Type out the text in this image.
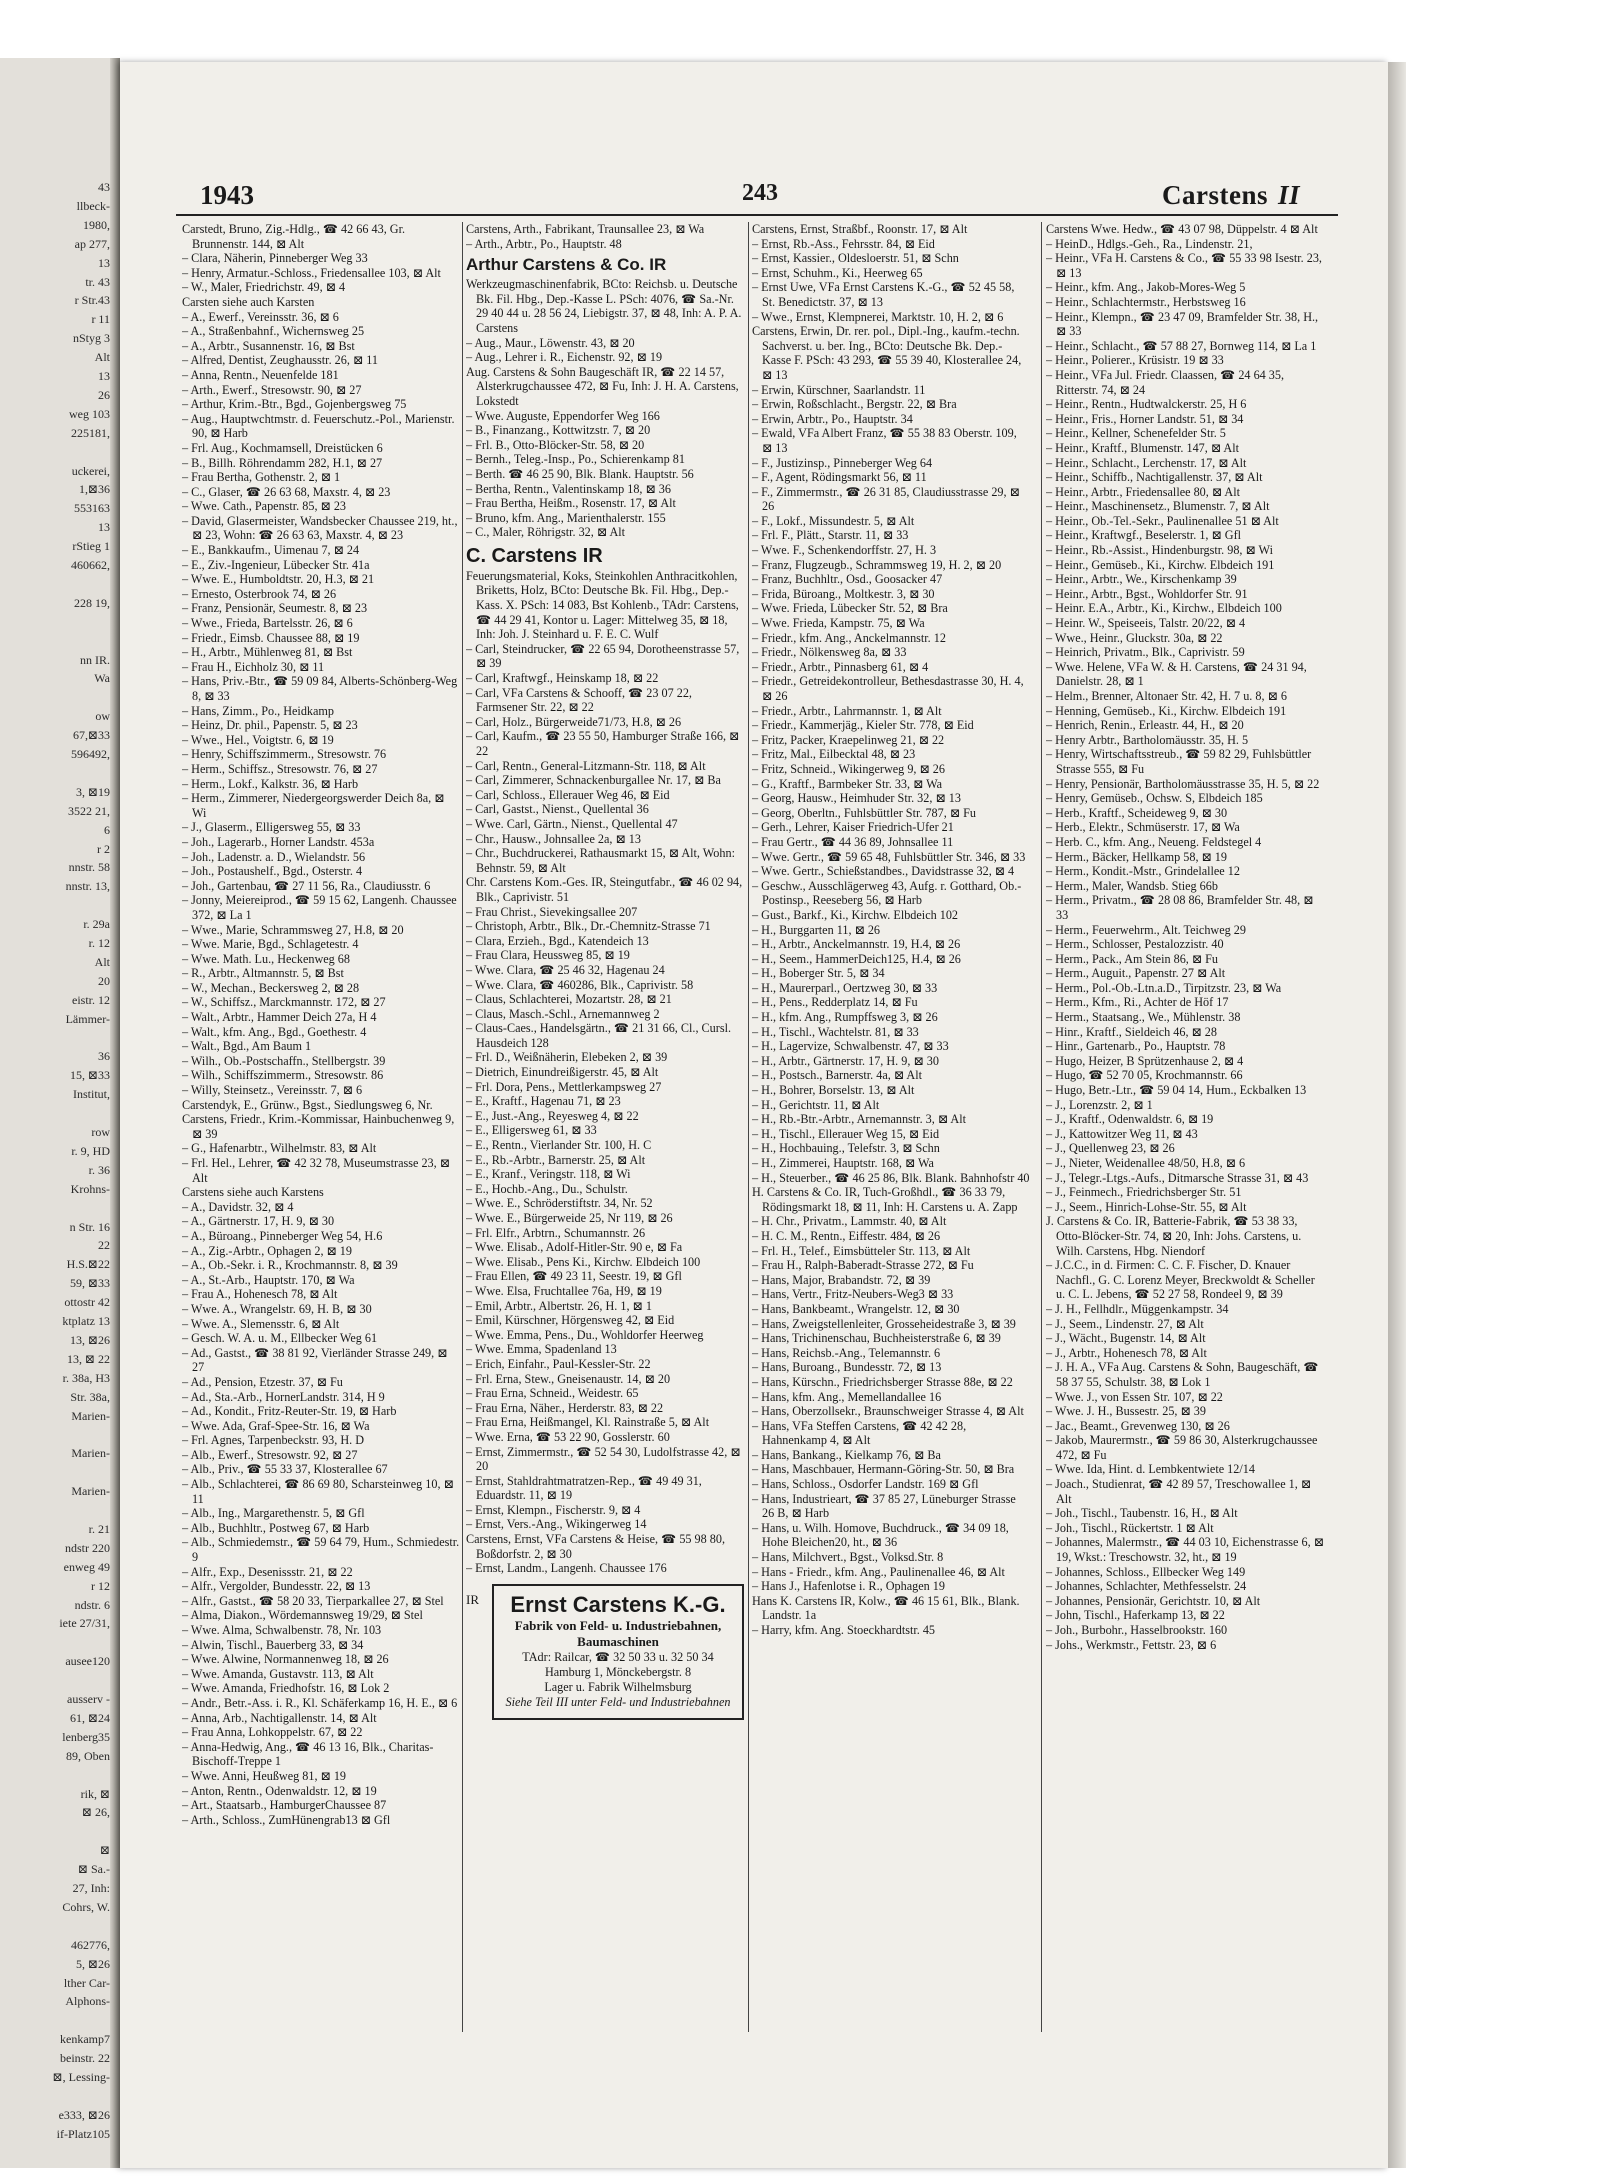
43
llbeck-
1980,
ap 277,
13
tr. 43
r Str.43
r 11
nStyg 3
Alt
13
26
weg 103
225181,
uckerei,
1,⊠36
553163
13
rStieg 1
460662,
228 19,
nn IR.
Wa
ow
67,⊠33
596492,
3, ⊠19
3522 21,
6
r 2
nnstr. 58
nnstr. 13,
r. 29a
r. 12
Alt
20
eistr. 12
Lämmer-
36
15, ⊠33
Institut,
row
r. 9, HD
r. 36
Krohns-
n Str. 16
22
H.S.⊠22
59, ⊠33
ottostr 42
ktplatz 13
13, ⊠26
13, ⊠ 22
r. 38a, H3
Str. 38a,
Marien-
Marien-
Marien-
r. 21
ndstr 220
enweg 49
r 12
ndstr. 6
iete 27/31,
ausee120
ausserv -
61, ⊠24
lenberg35
89, Oben
rik, ⊠
⊠ 26,
⊠
⊠ Sa.-
27, Inh:
Cohrs, W.
462776,
5, ⊠26
lther Car-
Alphons-
kenkamp7
beinstr. 22
⊠, Lessing-
e333, ⊠26
if-Platz105
1943	243	Carstens II
Carstedt, Bruno, Zig.-Hdlg., ☎ 42 66 43, Gr. Brunnenstr. 144, ⊠ Alt
– Clara, Näherin, Pinneberger Weg 33
– Henry, Armatur.-Schloss., Friedensallee 103, ⊠ Alt
– W., Maler, Friedrichstr. 49, ⊠ 4
Carsten siehe auch Karsten
– A., Ewerf., Vereinsstr. 36, ⊠ 6
– A., Straßenbahnf., Wichernsweg 25
– A., Arbtr., Susannenstr. 16, ⊠ Bst
– Alfred, Dentist, Zeughausstr. 26, ⊠ 11
– Anna, Rentn., Neuenfelde 181
– Arth., Ewerf., Stresowstr. 90, ⊠ 27
– Arthur, Krim.-Btr., Bgd., Gojenbergsweg 75
– Aug., Hauptwchtmstr. d. Feuerschutz.-Pol., Marienstr. 90, ⊠ Harb
– Frl. Aug., Kochmamsell, Dreistücken 6
– B., Billh. Röhrendamm 282, H.1, ⊠ 27
– Frau Bertha, Gothenstr. 2, ⊠ 1
– C., Glaser, ☎ 26 63 68, Maxstr. 4, ⊠ 23
– Wwe. Cath., Papenstr. 85, ⊠ 23
– David, Glasermeister, Wandsbecker Chaussee 219, ht., ⊠ 23, Wohn: ☎ 26 63 63, Maxstr. 4, ⊠ 23
– E., Bankkaufm., Uimenau 7, ⊠ 24
– E., Ziv.-Ingenieur, Lübecker Str. 41a
– Wwe. E., Humboldtstr. 20, H.3, ⊠ 21
– Ernesto, Osterbrook 74, ⊠ 26
– Franz, Pensionär, Seumestr. 8, ⊠ 23
– Wwe., Frieda, Bartelsstr. 26, ⊠ 6
– Friedr., Eimsb. Chaussee 88, ⊠ 19
– H., Arbtr., Mühlenweg 81, ⊠ Bst
– Frau H., Eichholz 30, ⊠ 11
– Hans, Priv.-Btr., ☎ 59 09 84, Alberts-Schönberg-Weg 8, ⊠ 33
– Hans, Zimm., Po., Heidkamp
– Heinz, Dr. phil., Papenstr. 5, ⊠ 23
– Wwe., Hel., Voigtstr. 6, ⊠ 19
– Henry, Schiffszimmerm., Stresowstr. 76
– Herm., Schiffsz., Stresowstr. 76, ⊠ 27
– Herm., Lokf., Kalkstr. 36, ⊠ Harb
– Herm., Zimmerer, Niedergeorgswerder Deich 8a, ⊠ Wi
– J., Glaserm., Elligersweg 55, ⊠ 33
– Joh., Lagerarb., Horner Landstr. 453a
– Joh., Ladenstr. a. D., Wielandstr. 56
– Joh., Postaushelf., Bgd., Osterstr. 4
– Joh., Gartenbau, ☎ 27 11 56, Ra., Claudiusstr. 6
– Jonny, Meiereiprod., ☎ 59 15 62, Langenh. Chaussee 372, ⊠ La 1
– Wwe., Marie, Schrammsweg 27, H.8, ⊠ 20
– Wwe. Marie, Bgd., Schlagetestr. 4
– Wwe. Math. Lu., Heckenweg 68
– R., Arbtr., Altmannstr. 5, ⊠ Bst
– W., Mechan., Beckersweg 2, ⊠ 28
– W., Schiffsz., Marckmannstr. 172, ⊠ 27
– Walt., Arbtr., Hammer Deich 27a, H 4
– Walt., kfm. Ang., Bgd., Goethestr. 4
– Walt., Bgd., Am Baum 1
– Wilh., Ob.-Postschaffn., Stellbergstr. 39
– Wilh., Schiffszimmerm., Stresowstr. 86
– Willy, Steinsetz., Vereinsstr. 7, ⊠ 6
Carstendyk, E., Grünw., Bgst., Siedlungsweg 6, Nr.
Carstens, Friedr., Krim.-Kommissar, Hainbuchenweg 9, ⊠ 39
– G., Hafenarbtr., Wilhelmstr. 83, ⊠ Alt
– Frl. Hel., Lehrer, ☎ 42 32 78, Museumstrasse 23, ⊠ Alt
Carstens siehe auch Karstens
– A., Davidstr. 32, ⊠ 4
– A., Gärtnerstr. 17, H. 9, ⊠ 30
– A., Büroang., Pinneberger Weg 54, H.6
– A., Zig.-Arbtr., Ophagen 2, ⊠ 19
– A., Ob.-Sekr. i. R., Krochmannstr. 8, ⊠ 39
– A., St.-Arb., Hauptstr. 170, ⊠ Wa
– Frau A., Hohenesch 78, ⊠ Alt
– Wwe. A., Wrangelstr. 69, H. B, ⊠ 30
– Wwe. A., Slemensstr. 6, ⊠ Alt
– Gesch. W. A. u. M., Ellbecker Weg 61
– Ad., Gastst., ☎ 38 81 92, Vierländer Strasse 249, ⊠ 27
– Ad., Pension, Etzestr. 37, ⊠ Fu
– Ad., Sta.-Arb., HornerLandstr. 314, H 9
– Ad., Kondit., Fritz-Reuter-Str. 19, ⊠ Harb
– Wwe. Ada, Graf-Spee-Str. 16, ⊠ Wa
– Frl. Agnes, Tarpenbeckstr. 93, H. D
– Alb., Ewerf., Stresowstr. 92, ⊠ 27
– Alb., Priv., ☎ 55 33 37, Klosterallee 67
– Alb., Schlachterei, ☎ 86 69 80, Scharsteinweg 10, ⊠ 11
– Alb., Ing., Margarethenstr. 5, ⊠ Gfl
– Alb., Buchhltr., Postweg 67, ⊠ Harb
– Alb., Schmiedemstr., ☎ 59 64 79, Hum., Schmiedestr. 9
– Alfr., Exp., Desenissstr. 21, ⊠ 22
– Alfr., Vergolder, Bundesstr. 22, ⊠ 13
– Alfr., Gastst., ☎ 58 20 33, Tierparkallee 27, ⊠ Stel
– Alma, Diakon., Wördemannsweg 19/29, ⊠ Stel
– Wwe. Alma, Schwalbenstr. 78, Nr. 103
– Alwin, Tischl., Bauerberg 33, ⊠ 34
– Wwe. Alwine, Normannenweg 18, ⊠ 26
– Wwe. Amanda, Gustavstr. 113, ⊠ Alt
– Wwe. Amanda, Friedhofstr. 16, ⊠ Lok 2
– Andr., Betr.-Ass. i. R., Kl. Schäferkamp 16, H. E., ⊠ 6
– Anna, Arb., Nachtigallenstr. 14, ⊠ Alt
– Frau Anna, Lohkoppelstr. 67, ⊠ 22
– Anna-Hedwig, Ang., ☎ 46 13 16, Blk., Charitas-Bischoff-Treppe 1
– Wwe. Anni, Heußweg 81, ⊠ 19
– Anton, Rentn., Odenwaldstr. 12, ⊠ 19
– Art., Staatsarb., HamburgerChaussee 87
– Arth., Schloss., ZumHünengrab13 ⊠ Gfl
Carstens, Arth., Fabrikant, Traunsallee 23, ⊠ Wa
– Arth., Arbtr., Po., Hauptstr. 48
Arthur Carstens & Co. IR
Werkzeugmaschinenfabrik, BCto: Reichsb. u. Deutsche Bk. Fil. Hbg., Dep.-Kasse L. PSch: 4076, ☎ Sa.-Nr. 29 40 44 u. 28 56 24, Liebigstr. 37, ⊠ 48, Inh: A. P. A. Carstens
– Aug., Maur., Löwenstr. 43, ⊠ 20
– Aug., Lehrer i. R., Eichenstr. 92, ⊠ 19
Aug. Carstens & Sohn Baugeschäft IR, ☎ 22 14 57, Alsterkrugchaussee 472, ⊠ Fu, Inh: J. H. A. Carstens, Lokstedt
– Wwe. Auguste, Eppendorfer Weg 166
– B., Finanzang., Kottwitzstr. 7, ⊠ 20
– Frl. B., Otto-Blöcker-Str. 58, ⊠ 20
– Bernh., Teleg.-Insp., Po., Schierenkamp 81
– Berth. ☎ 46 25 90, Blk. Blank. Hauptstr. 56
– Bertha, Rentn., Valentinskamp 18, ⊠ 36
– Frau Bertha, Heißm., Rosenstr. 17, ⊠ Alt
– Bruno, kfm. Ang., Marienthalerstr. 155
– C., Maler, Röhrigstr. 32, ⊠ Alt
C. Carstens IR
Feuerungsmaterial, Koks, Steinkohlen Anthracitkohlen, Briketts, Holz, BCto: Deutsche Bk. Fil. Hbg., Dep.-Kass. X. PSch: 14 083, Bst Kohlenb., TAdr: Carstens, ☎ 44 29 41, Kontor u. Lager: Mittelweg 35, ⊠ 18, Inh: Joh. J. Steinhard u. F. E. C. Wulf
– Carl, Steindrucker, ☎ 22 65 94, Dorotheenstrasse 57, ⊠ 39
– Carl, Kraftwgf., Heinskamp 18, ⊠ 22
– Carl, VFa Carstens & Schooff, ☎ 23 07 22, Farmsener Str. 22, ⊠ 22
– Carl, Holz., Bürgerweide71/73, H.8, ⊠ 26
– Carl, Kaufm., ☎ 23 55 50, Hamburger Straße 166, ⊠ 22
– Carl, Rentn., General-Litzmann-Str. 118, ⊠ Alt
– Carl, Zimmerer, Schnackenburgallee Nr. 17, ⊠ Ba
– Carl, Schloss., Ellerauer Weg 46, ⊠ Eid
– Carl, Gastst., Nienst., Quellental 36
– Wwe. Carl, Gärtn., Nienst., Quellental 47
– Chr., Hausw., Johnsallee 2a, ⊠ 13
– Chr., Buchdruckerei, Rathausmarkt 15, ⊠ Alt, Wohn: Behnstr. 59, ⊠ Alt
Chr. Carstens Kom.-Ges. IR, Steingutfabr., ☎ 46 02 94, Blk., Caprivistr. 51
– Frau Christ., Sievekingsallee 207
– Christoph, Arbtr., Blk., Dr.-Chemnitz-Strasse 71
– Clara, Erzieh., Bgd., Katendeich 13
– Frau Clara, Heussweg 85, ⊠ 19
– Wwe. Clara, ☎ 25 46 32, Hagenau 24
– Wwe. Clara, ☎ 460286, Blk., Caprivistr. 58
– Claus, Schlachterei, Mozartstr. 28, ⊠ 21
– Claus, Masch.-Schl., Arnemannweg 2
– Claus-Caes., Handelsgärtn., ☎ 21 31 66, Cl., Cursl. Hausdeich 128
– Frl. D., Weißnäherin, Elebeken 2, ⊠ 39
– Dietrich, Einundreißigerstr. 45, ⊠ Alt
– Frl. Dora, Pens., Mettlerkampsweg 27
– E., Kraftf., Hagenau 71, ⊠ 23
– E., Just.-Ang., Reyesweg 4, ⊠ 22
– E., Elligersweg 61, ⊠ 33
– E., Rentn., Vierlander Str. 100, H. C
– E., Rb.-Arbtr., Barnerstr. 25, ⊠ Alt
– E., Kranf., Veringstr. 118, ⊠ Wi
– E., Hochb.-Ang., Du., Schulstr.
– Wwe. E., Schröderstiftstr. 34, Nr. 52
– Wwe. E., Bürgerweide 25, Nr 119, ⊠ 26
– Frl. Elfr., Arbtrn., Schumannstr. 26
– Wwe. Elisab., Adolf-Hitler-Str. 90 e, ⊠ Fa
– Wwe. Elisab., Pens Ki., Kirchw. Elbdeich 100
– Frau Ellen, ☎ 49 23 11, Seestr. 19, ⊠ Gfl
– Wwe. Elsa, Fruchtallee 76a, H9, ⊠ 19
– Emil, Arbtr., Albertstr. 26, H. 1, ⊠ 1
– Emil, Kürschner, Hörgensweg 42, ⊠ Eid
– Wwe. Emma, Pens., Du., Wohldorfer Heerweg
– Wwe. Emma, Spadenland 13
– Erich, Einfahr., Paul-Kessler-Str. 22
– Frl. Erna, Stew., Gneisenaustr. 14, ⊠ 20
– Frau Erna, Schneid., Weidestr. 65
– Frau Erna, Näher., Herderstr. 83, ⊠ 22
– Frau Erna, Heißmangel, Kl. Rainstraße 5, ⊠ Alt
– Wwe. Erna, ☎ 53 22 90, Gosslerstr. 60
– Ernst, Zimmermstr., ☎ 52 54 30, Ludolfstrasse 42, ⊠ 20
– Ernst, Stahldrahtmatratzen-Rep., ☎ 49 49 31, Eduardstr. 11, ⊠ 19
– Ernst, Klempn., Fischerstr. 9, ⊠ 4
– Ernst, Vers.-Ang., Wikingerweg 14
Carstens, Ernst, VFa Carstens & Heise, ☎ 55 98 80, Boßdorfstr. 2, ⊠ 30
– Ernst, Landm., Langenh. Chaussee 176
IR	Ernst Carstens K.-G.
Fabrik von Feld- u. Industriebahnen, Baumaschinen
TAdr: Railcar, ☎ 32 50 33 u. 32 50 34
Hamburg 1, Mönckebergstr. 8
Lager u. Fabrik Wilhelmsburg
Siehe Teil III unter Feld- und Industriebahnen
Carstens, Ernst, Straßbf., Roonstr. 17, ⊠ Alt
– Ernst, Rb.-Ass., Fehrsstr. 84, ⊠ Eid
– Ernst, Kassier., Oldesloerstr. 51, ⊠ Schn
– Ernst, Schuhm., Ki., Heerweg 65
– Ernst Uwe, VFa Ernst Carstens K.-G., ☎ 52 45 58, St. Benedictstr. 37, ⊠ 13
– Wwe., Ernst, Klempnerei, Marktstr. 10, H. 2, ⊠ 6
Carstens, Erwin, Dr. rer. pol., Dipl.-Ing., kaufm.-techn. Sachverst. u. ber. Ing., BCto: Deutsche Bk. Dep.-Kasse F. PSch: 43 293, ☎ 55 39 40, Klosterallee 24, ⊠ 13
– Erwin, Kürschner, Saarlandstr. 11
– Erwin, Roßschlacht., Bergstr. 22, ⊠ Bra
– Erwin, Arbtr., Po., Hauptstr. 34
– Ewald, VFa Albert Franz, ☎ 55 38 83 Oberstr. 109, ⊠ 13
– F., Justizinsp., Pinneberger Weg 64
– F., Agent, Rödingsmarkt 56, ⊠ 11
– F., Zimmermstr., ☎ 26 31 85, Claudiusstrasse 29, ⊠ 26
– F., Lokf., Missundestr. 5, ⊠ Alt
– Frl. F., Plätt., Starstr. 11, ⊠ 33
– Wwe. F., Schenkendorffstr. 27, H. 3
– Franz, Flugzeugb., Schrammsweg 19, H. 2, ⊠ 20
– Franz, Buchhltr., Osd., Goosacker 47
– Frida, Büroang., Moltkestr. 3, ⊠ 30
– Wwe. Frieda, Lübecker Str. 52, ⊠ Bra
– Wwe. Frieda, Kampstr. 75, ⊠ Wa
– Friedr., kfm. Ang., Anckelmannstr. 12
– Friedr., Nölkensweg 8a, ⊠ 33
– Friedr., Arbtr., Pinnasberg 61, ⊠ 4
– Friedr., Getreidekontrolleur, Bethesdastrasse 30, H. 4, ⊠ 26
– Friedr., Arbtr., Lahrmannstr. 1, ⊠ Alt
– Friedr., Kammerjäg., Kieler Str. 778, ⊠ Eid
– Fritz, Packer, Kraepelinweg 21, ⊠ 22
– Fritz, Mal., Eilbecktal 48, ⊠ 23
– Fritz, Schneid., Wikingerweg 9, ⊠ 26
– G., Kraftf., Barmbeker Str. 33, ⊠ Wa
– Georg, Hausw., Heimhuder Str. 32, ⊠ 13
– Georg, Oberltn., Fuhlsbüttler Str. 787, ⊠ Fu
– Gerh., Lehrer, Kaiser Friedrich-Ufer 21
– Frau Gertr., ☎ 44 36 89, Johnsallee 11
– Wwe. Gertr., ☎ 59 65 48, Fuhlsbüttler Str. 346, ⊠ 33
– Wwe. Gertr., Schießstandbes., Davidstrasse 32, ⊠ 4
– Geschw., Ausschlägerweg 43, Aufg. r. Gotthard, Ob.-Postinsp., Reeseberg 56, ⊠ Harb
– Gust., Barkf., Ki., Kirchw. Elbdeich 102
– H., Burggarten 11, ⊠ 26
– H., Arbtr., Anckelmannstr. 19, H.4, ⊠ 26
– H., Seem., HammerDeich125, H.4, ⊠ 26
– H., Boberger Str. 5, ⊠ 34
– H., Maurerparl., Oertzweg 30, ⊠ 33
– H., Pens., Redderplatz 14, ⊠ Fu
– H., kfm. Ang., Rumpffsweg 3, ⊠ 26
– H., Tischl., Wachtelstr. 81, ⊠ 33
– H., Lagervize, Schwalbenstr. 47, ⊠ 33
– H., Arbtr., Gärtnerstr. 17, H. 9, ⊠ 30
– H., Postsch., Barnerstr. 4a, ⊠ Alt
– H., Bohrer, Borselstr. 13, ⊠ Alt
– H., Gerichtstr. 11, ⊠ Alt
– H., Rb.-Btr.-Arbtr., Arnemannstr. 3, ⊠ Alt
– H., Tischl., Ellerauer Weg 15, ⊠ Eid
– H., Hochbauing., Telefstr. 3, ⊠ Schn
– H., Zimmerei, Hauptstr. 168, ⊠ Wa
– H., Steuerber., ☎ 46 25 86, Blk. Blank. Bahnhofstr 40
H. Carstens & Co. IR, Tuch-Großhdl., ☎ 36 33 79, Rödingsmarkt 18, ⊠ 11, Inh: H. Carstens u. A. Zapp
– H. Chr., Privatm., Lammstr. 40, ⊠ Alt
– H. C. M., Rentn., Eiffestr. 484, ⊠ 26
– Frl. H., Telef., Eimsbütteler Str. 113, ⊠ Alt
– Frau H., Ralph-Baberadt-Strasse 272, ⊠ Fu
– Hans, Major, Brabandstr. 72, ⊠ 39
– Hans, Vertr., Fritz-Neubers-Weg3 ⊠ 33
– Hans, Bankbeamt., Wrangelstr. 12, ⊠ 30
– Hans, Zweigstellenleiter, Grosseheidestraße 3, ⊠ 39
– Hans, Trichinenschau, Buchheisterstraße 6, ⊠ 39
– Hans, Reichsb.-Ang., Telemannstr. 6
– Hans, Buroang., Bundesstr. 72, ⊠ 13
– Hans, Kürschn., Friedrichsberger Strasse 88e, ⊠ 22
– Hans, kfm. Ang., Memellandallee 16
– Hans, Oberzollsekr., Braunschweiger Strasse 4, ⊠ Alt
– Hans, VFa Steffen Carstens, ☎ 42 42 28, Hahnenkamp 4, ⊠ Alt
– Hans, Bankang., Kielkamp 76, ⊠ Ba
– Hans, Maschbauer, Hermann-Göring-Str. 50, ⊠ Bra
– Hans, Schloss., Osdorfer Landstr. 169 ⊠ Gfl
– Hans, Industrieart, ☎ 37 85 27, Lüneburger Strasse 26 B, ⊠ Harb
– Hans, u. Wilh. Homove, Buchdruck., ☎ 34 09 18, Hohe Bleichen20, ht., ⊠ 36
– Hans, Milchvert., Bgst., Volksd.Str. 8
– Hans - Friedr., kfm. Ang., Paulinenallee 46, ⊠ Alt
– Hans J., Hafenlotse i. R., Ophagen 19
Hans K. Carstens IR, Kolw., ☎ 46 15 61, Blk., Blank. Landstr. 1a
– Harry, kfm. Ang. Stoeckhardtstr. 45
Carstens Wwe. Hedw., ☎ 43 07 98, Düppelstr. 4 ⊠ Alt
– HeinD., Hdlgs.-Geh., Ra., Lindenstr. 21,
– Heinr., VFa H. Carstens & Co., ☎ 55 33 98 Isestr. 23, ⊠ 13
– Heinr., kfm. Ang., Jakob-Mores-Weg 5
– Heinr., Schlachtermstr., Herbstsweg 16
– Heinr., Klempn., ☎ 23 47 09, Bramfelder Str. 38, H., ⊠ 33
– Heinr., Schlacht., ☎ 57 88 27, Bornweg 114, ⊠ La 1
– Heinr., Polierer., Krüsistr. 19 ⊠ 33
– Heinr., VFa Jul. Friedr. Claassen, ☎ 24 64 35, Ritterstr. 74, ⊠ 24
– Heinr., Rentn., Hudtwalckerstr. 25, H 6
– Heinr., Fris., Horner Landstr. 51, ⊠ 34
– Heinr., Kellner, Schenefelder Str. 5
– Heinr., Kraftf., Blumenstr. 147, ⊠ Alt
– Heinr., Schlacht., Lerchenstr. 17, ⊠ Alt
– Heinr., Schiffb., Nachtigallenstr. 37, ⊠ Alt
– Heinr., Arbtr., Friedensallee 80, ⊠ Alt
– Heinr., Maschinensetz., Blumenstr. 7, ⊠ Alt
– Heinr., Ob.-Tel.-Sekr., Paulinenallee 51 ⊠ Alt
– Heinr., Kraftwgf., Beselerstr. 1, ⊠ Gfl
– Heinr., Rb.-Assist., Hindenburgstr. 98, ⊠ Wi
– Heinr., Gemüseb., Ki., Kirchw. Elbdeich 191
– Heinr., Arbtr., We., Kirschenkamp 39
– Heinr., Arbtr., Bgst., Wohldorfer Str. 91
– Heinr. E.A., Arbtr., Ki., Kirchw., Elbdeich 100
– Heinr. W., Speiseeis, Talstr. 20/22, ⊠ 4
– Wwe., Heinr., Gluckstr. 30a, ⊠ 22
– Heinrich, Privatm., Blk., Caprivistr. 59
– Wwe. Helene, VFa W. & H. Carstens, ☎ 24 31 94, Danielstr. 28, ⊠ 1
– Helm., Brenner, Altonaer Str. 42, H. 7 u. 8, ⊠ 6
– Henning, Gemüseb., Ki., Kirchw. Elbdeich 191
– Henrich, Renin., Erleastr. 44, H., ⊠ 20
– Henry Arbtr., Bartholomäusstr. 35, H. 5
– Henry, Wirtschaftsstreub., ☎ 59 82 29, Fuhlsbüttler Strasse 555, ⊠ Fu
– Henry, Pensionär, Bartholomäusstrasse 35, H. 5, ⊠ 22
– Henry, Gemüseb., Ochsw. S, Elbdeich 185
– Herb., Kraftf., Scheideweg 9, ⊠ 30
– Herb., Elektr., Schmüserstr. 17, ⊠ Wa
– Herb. C., kfm. Ang., Neueng. Feldstegel 4
– Herm., Bäcker, Hellkamp 58, ⊠ 19
– Herm., Kondit.-Mstr., Grindelallee 12
– Herm., Maler, Wandsb. Stieg 66b
– Herm., Privatm., ☎ 28 08 86, Bramfelder Str. 48, ⊠ 33
– Herm., Feuerwehrm., Alt. Teichweg 29
– Herm., Schlosser, Pestalozzistr. 40
– Herm., Pack., Am Stein 86, ⊠ Fu
– Herm., Auguit., Papenstr. 27 ⊠ Alt
– Herm., Pol.-Ob.-Ltn.a.D., Tirpitzstr. 23, ⊠ Wa
– Herm., Kfm., Ri., Achter de Höf 17
– Herm., Staatsang., We., Mühlenstr. 38
– Hinr., Kraftf., Sieldeich 46, ⊠ 28
– Hinr., Gartenarb., Po., Hauptstr. 78
– Hugo, Heizer, B Sprützenhause 2, ⊠ 4
– Hugo, ☎ 52 70 05, Krochmannstr. 66
– Hugo, Betr.-Ltr., ☎ 59 04 14, Hum., Eckbalken 13
– J., Lorenzstr. 2, ⊠ 1
– J., Kraftf., Odenwaldstr. 6, ⊠ 19
– J., Kattowitzer Weg 11, ⊠ 43
– J., Quellenweg 23, ⊠ 26
– J., Nieter, Weidenallee 48/50, H.8, ⊠ 6
– J., Telegr.-Ltgs.-Aufs., Ditmarsche Strasse 31, ⊠ 43
– J., Feinmech., Friedrichsberger Str. 51
– J., Seem., Hinrich-Lohse-Str. 55, ⊠ Alt
J. Carstens & Co. IR, Batterie-Fabrik, ☎ 53 38 33, Otto-Blöcker-Str. 74, ⊠ 20, Inh: Johs. Carstens, u. Wilh. Carstens, Hbg. Niendorf
– J.C.C., in d. Firmen: C. C. F. Fischer, D. Knauer Nachfl., G. C. Lorenz Meyer, Breckwoldt & Scheller u. C. L. Jebens, ☎ 52 27 58, Rondeel 9, ⊠ 39
– J. H., Fellhdlr., Müggenkampstr. 34
– J., Seem., Lindenstr. 27, ⊠ Alt
– J., Wächt., Bugenstr. 14, ⊠ Alt
– J., Arbtr., Hohenesch 78, ⊠ Alt
– J. H. A., VFa Aug. Carstens & Sohn, Baugeschäft, ☎ 58 37 55, Schulstr. 38, ⊠ Lok 1
– Wwe. J., von Essen Str. 107, ⊠ 22
– Wwe. J. H., Bussestr. 25, ⊠ 39
– Jac., Beamt., Grevenweg 130, ⊠ 26
– Jakob, Maurermstr., ☎ 59 86 30, Alsterkrugchaussee 472, ⊠ Fu
– Wwe. Ida, Hint. d. Lembkentwiete 12/14
– Joach., Studienrat, ☎ 42 89 57, Treschowallee 1, ⊠ Alt
– Joh., Tischl., Taubenstr. 16, H., ⊠ Alt
– Joh., Tischl., Rückertstr. 1 ⊠ Alt
– Johannes, Malermstr., ☎ 44 03 10, Eichenstrasse 6, ⊠ 19, Wkst.: Treschowstr. 32, ht., ⊠ 19
– Johannes, Schloss., Ellbecker Weg 149
– Johannes, Schlachter, Methfesselstr. 24
– Johannes, Pensionär, Gerichtstr. 10, ⊠ Alt
– John, Tischl., Haferkamp 13, ⊠ 22
– Joh., Burbohr., Hasselbrookstr. 160
– Johs., Werkmstr., Fettstr. 23, ⊠ 6
